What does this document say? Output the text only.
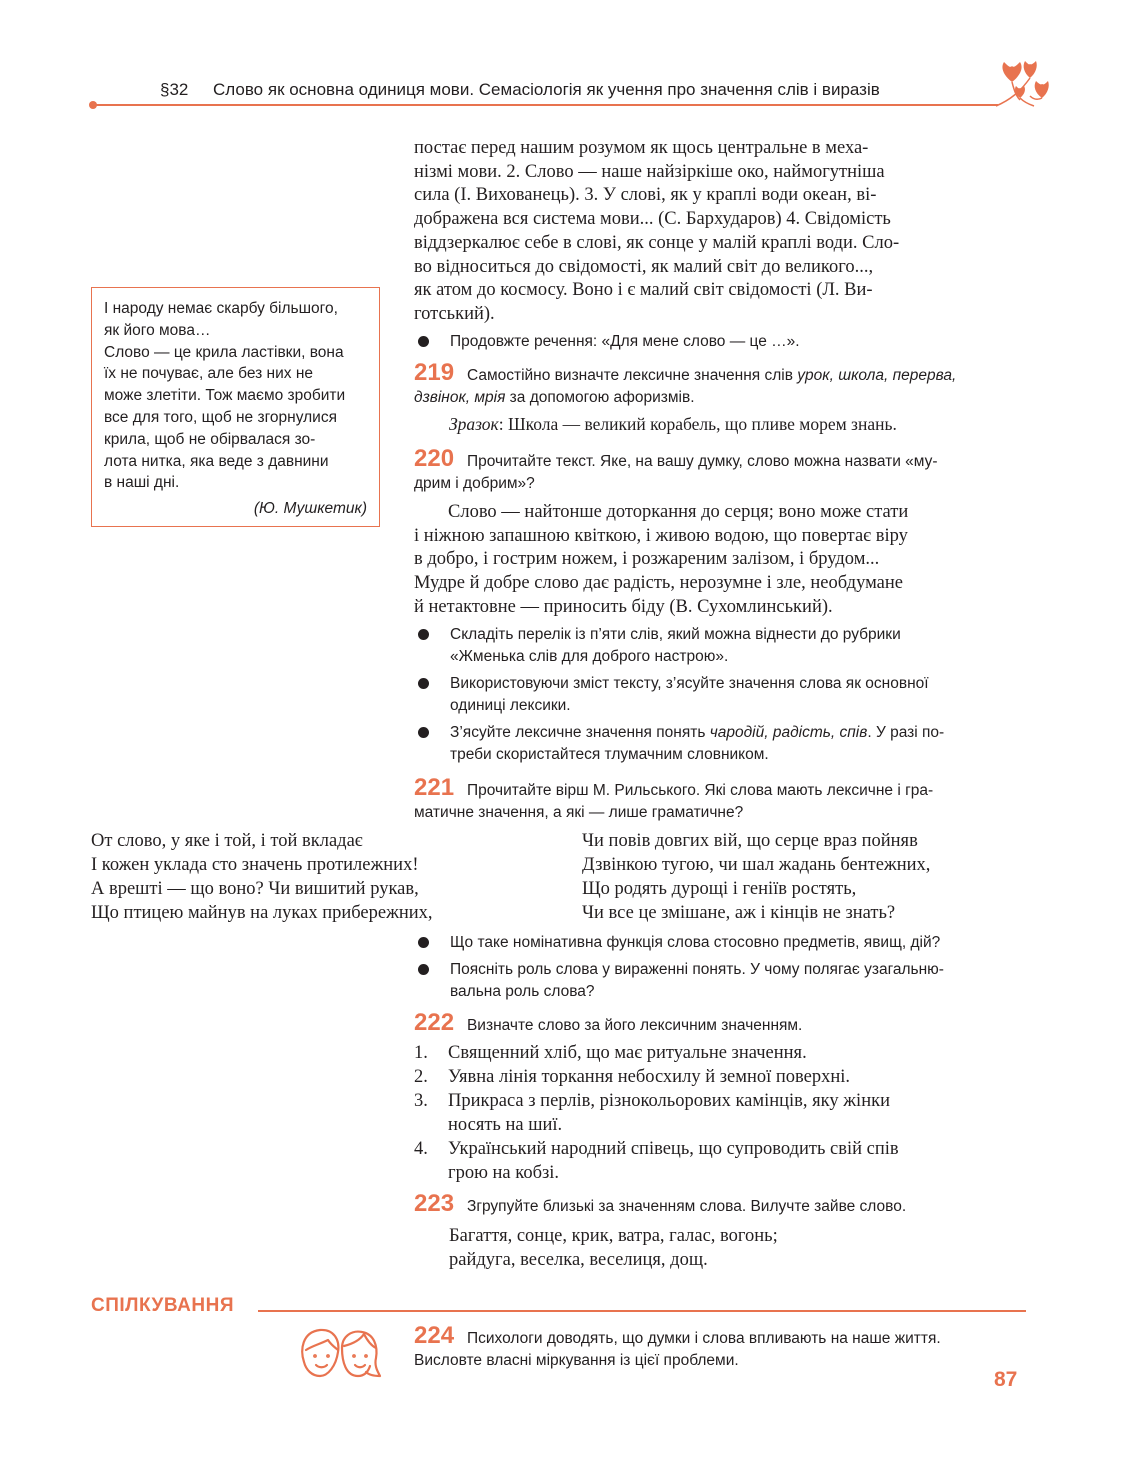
§32 Слово як основна одиниця мови. Семасіологія як учення про значення слів і виразів
постає перед нашим розумом як щось центральне в меха-
нізмі мови. 2. Слово — наше найзіркіше око, наймогутніша
сила (І. Вихованець). 3. У слові, як у краплі води океан, ві-
дображена вся система мови... (С. Бархударов) 4. Свідомість
віддзеркалює себе в слові, як сонце у малій краплі води. Сло-
во відноситься до свідомості, як малий світ до великого...,
як атом до космосу. Воно і є малий світ свідомості (Л. Ви-
готський).
Продовжте речення: «Для мене слово — це …».
І народу немає скарбу більшого,
як його мова…
Слово — це крила ластівки, вона
їх не почуває, але без них не
може злетіти. Тож маємо зробити
все для того, щоб не згорнулися
крила, щоб не обірвалася зо-
лота нитка, яка веде з давнини
в наші дні.
(Ю. Мушкетик)
219 Самостійно визначте лексичне значення слів урок, школа, перерва,
дзвінок, мрія за допомогою афоризмів.
Зразок: Школа — великий корабель, що пливе морем знань.
220 Прочитайте текст. Яке, на вашу думку, слово можна назвати «му-
дрим і добрим»?
Слово — найтонше доторкання до серця; воно може стати
і ніжною запашною квіткою, і живою водою, що повертає віру
в добро, і гострим ножем, і розжареним залізом, і брудом...
Мудре й добре слово дає радість, нерозумне і зле, необдумане
й нетактовне — приносить біду (В. Сухомлинський).
Складіть перелік із п’яти слів, який можна віднести до рубрики
«Жменька слів для доброго настрою».
Використовуючи зміст тексту, з’ясуйте значення слова як основної
одиниці лексики.
З’ясуйте лексичне значення понять чародій, радість, спів. У разі по-
треби скористайтеся тлумачним словником.
221 Прочитайте вірш М. Рильського. Які слова мають лексичне і гра-
матичне значення, а які — лише граматичне?
От слово, у яке і той, і той вкладає
І кожен уклада сто значень протилежних!
А врешті — що воно? Чи вишитий рукав,
Що птицею майнув на луках прибережних,
Чи повів довгих вій, що серце враз пойняв
Дзвінкою тугою, чи шал жадань бентежних,
Що родять дурощі і геніїв ростять,
Чи все це змішане, аж і кінців не знать?
Що таке номінативна функція слова стосовно предметів, явищ, дій?
Поясніть роль слова у вираженні понять. У чому полягає узагальню-
вальна роль слова?
222 Визначте слово за його лексичним значенням.
1. Священний хліб, що має ритуальне значення.
2. Уявна лінія торкання небосхилу й земної поверхні.
3. Прикраса з перлів, різнокольорових камінців, яку жінки
носять на шиї.
4. Український народний співець, що супроводить свій спів
грою на кобзі.
223 Згрупуйте близькі за значенням слова. Вилучте зайве слово.
Багаття, сонце, крик, ватра, галас, вогонь;
райдуга, веселка, веселиця, дощ.
СПІЛКУВАННЯ
224 Психологи доводять, що думки і слова впливають на наше життя.
Висловте власні міркування із цієї проблеми.
87
